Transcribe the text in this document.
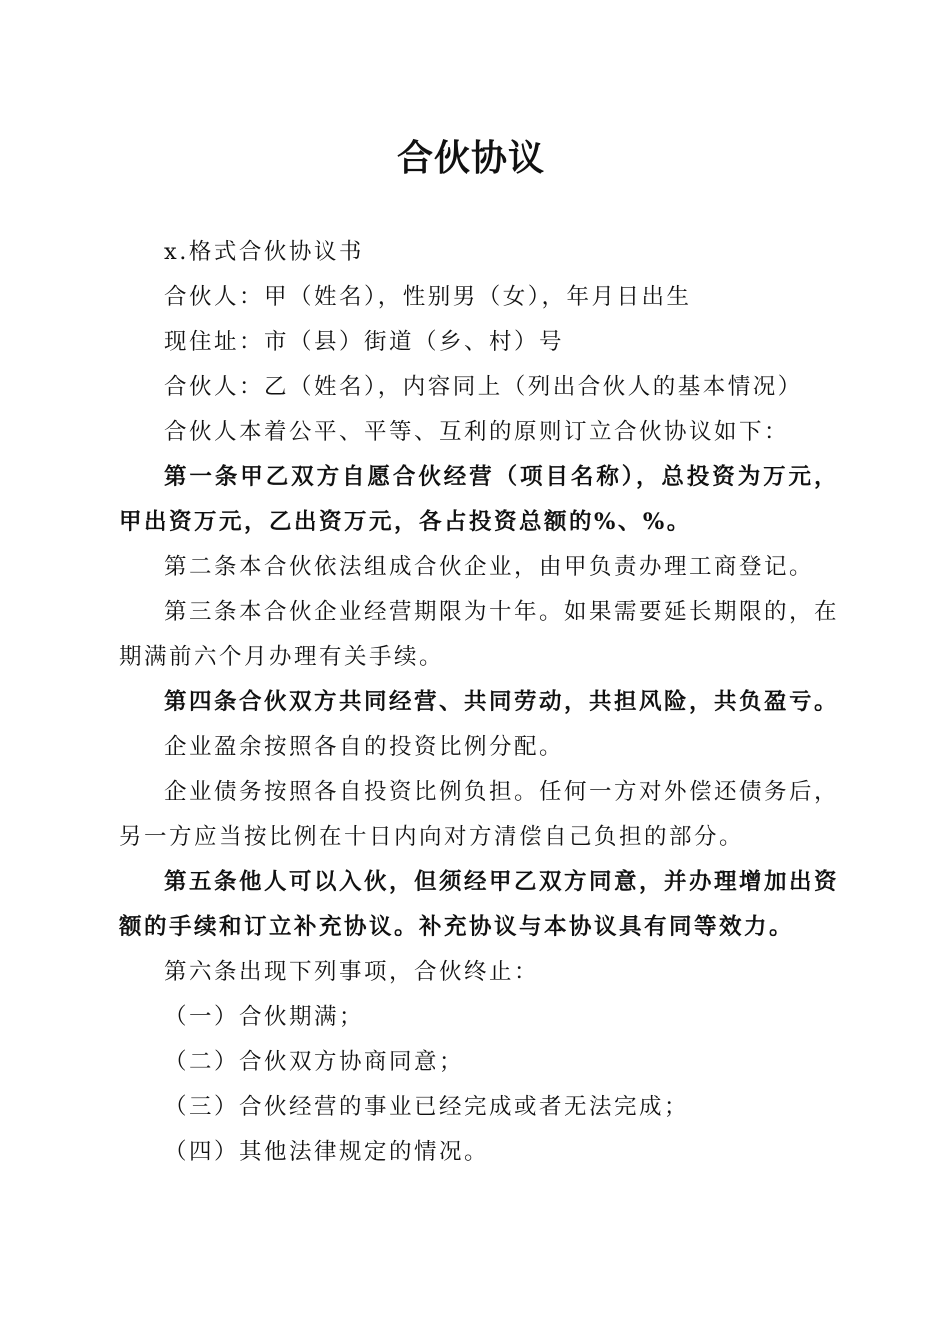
合伙协议

x.格式合伙协议书

合伙人：甲（姓名），性别男（女），年月日出生

现住址：市（县）街道（乡、村）号

合伙人：乙（姓名），内容同上（列出合伙人的基本情况）

合伙人本着公平、平等、互利的原则订立合伙协议如下：

第一条甲乙双方自愿合伙经营（项目名称），总投资为万元，甲出资万元，乙出资万元，各占投资总额的%、%。

第二条本合伙依法组成合伙企业，由甲负责办理工商登记。

第三条本合伙企业经营期限为十年。如果需要延长期限的，在期满前六个月办理有关手续。

第四条合伙双方共同经营、共同劳动，共担风险，共负盈亏。

企业盈余按照各自的投资比例分配。

企业债务按照各自投资比例负担。任何一方对外偿还债务后，另一方应当按比例在十日内向对方清偿自己负担的部分。

第五条他人可以入伙，但须经甲乙双方同意，并办理增加出资额的手续和订立补充协议。补充协议与本协议具有同等效力。

第六条出现下列事项，合伙终止：

（一）合伙期满；

（二）合伙双方协商同意；

（三）合伙经营的事业已经完成或者无法完成；

（四）其他法律规定的情况。
